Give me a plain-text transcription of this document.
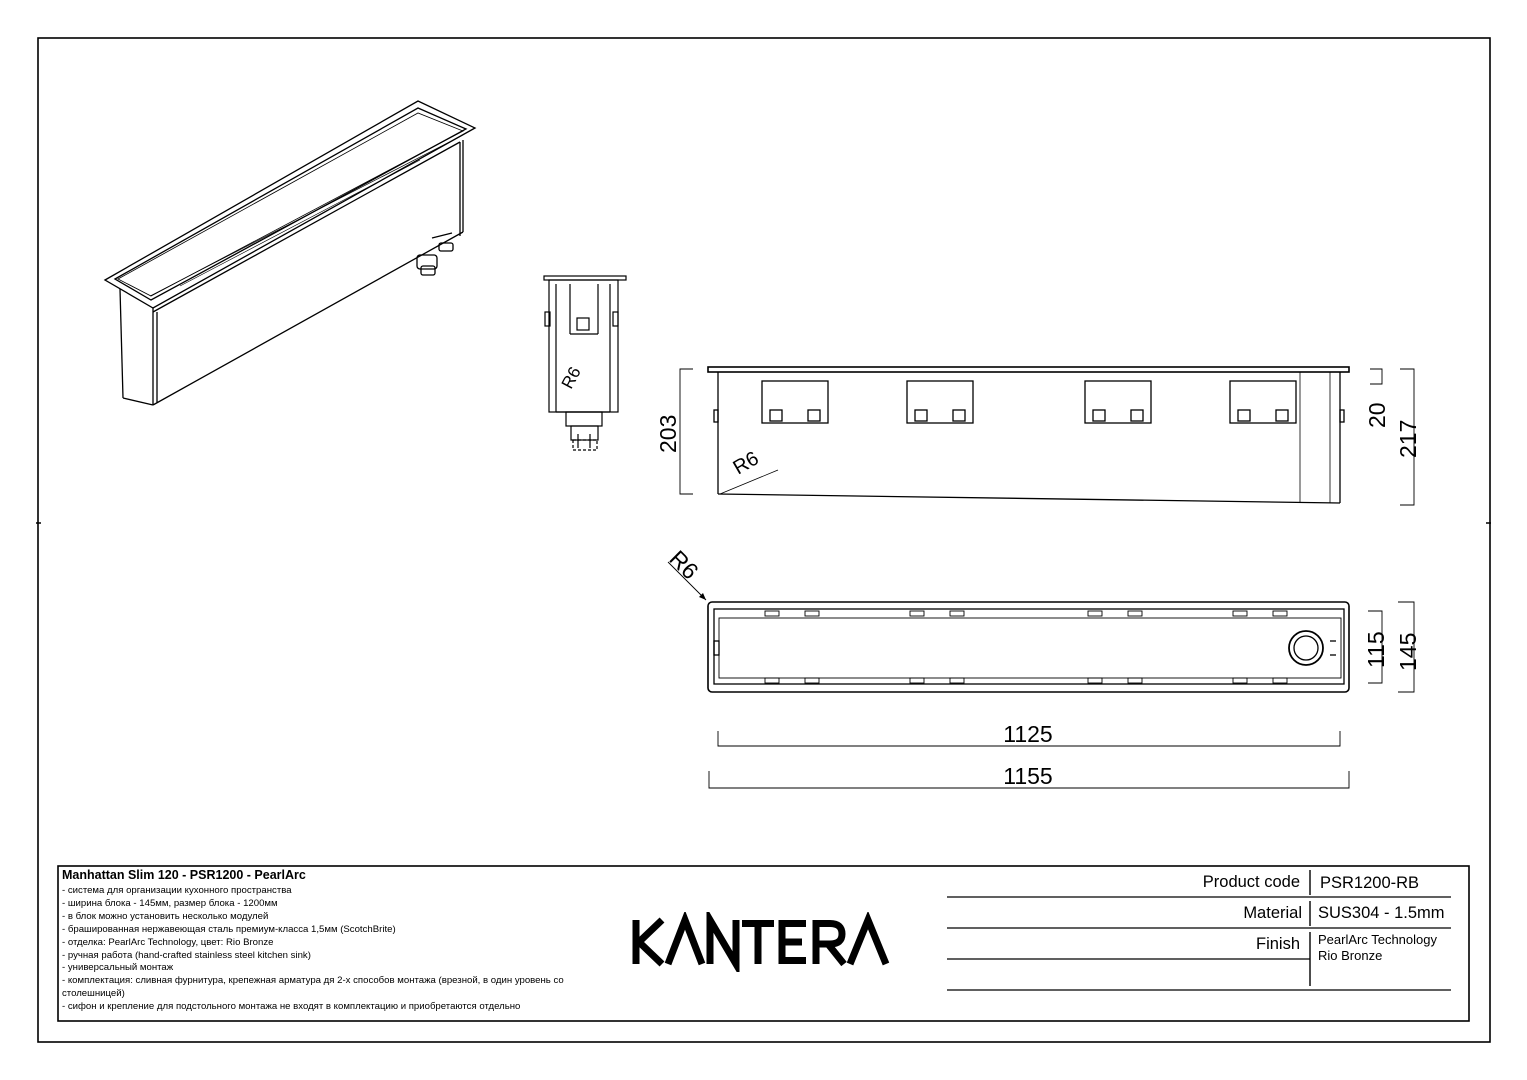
R6
203	20
217
R6
R6
115 145
1125
1155
Manhattan Slim 120 - PSR1200 - PearlArc
- система для организации кухонного пространства
- ширина блока - 145мм, размер блока - 1200мм
- в блок можно установить несколько модулей
- брашированная нержавеющая сталь премиум-класса 1,5мм (ScotchBrite)
- отделка: PearlArc Technology, цвет: Rio Bronze
- ручная работа (hand-crafted stainless steel kitchen sink)
- универсальный монтаж
- комплектация: сливная фурнитура, крепежная арматура дя 2-х способов монтажа (врезной, в один уровень со столешницей)
- сифон и крепление для подстольного монтажа не входят в комплектацию и приобретаются отдельно
Product code PSR1200-RB
Material SUS304 - 1.5mm
Finish PearlArc Technology
Rio Bronze
